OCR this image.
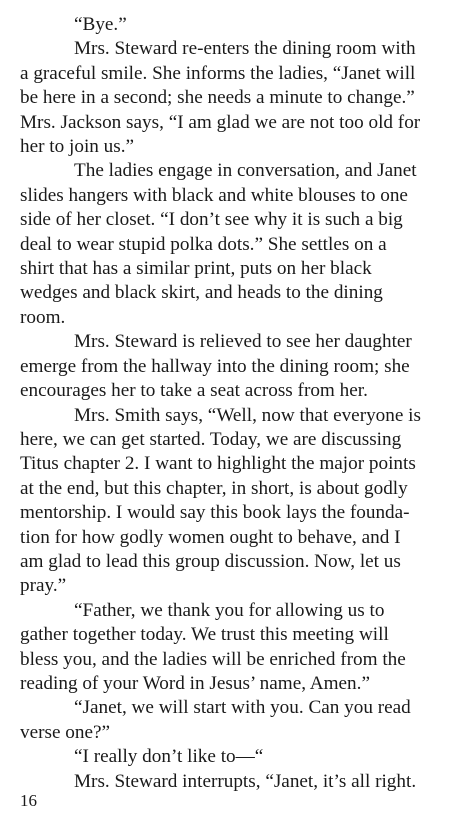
“Bye.”

Mrs. Steward re-enters the dining room with
a graceful smile. She informs the ladies, “Janet will
be here in a second; she needs a minute to change.”
Mrs. Jackson says, “I am glad we are not too old for
her to join us.”

The ladies engage in conversation, and Janet
slides hangers with black and white blouses to one
side of her closet. “I don’t see why it is such a big
deal to wear stupid polka dots.” She settles on a
shirt that has a similar print, puts on her black
wedges and black skirt, and heads to the dining
room.

Mrs. Steward is relieved to see her daughter
emerge from the hallway into the dining room; she
encourages her to take a seat across from her.

Mrs. Smith says, “Well, now that everyone is
here, we can get started. Today, we are discussing
Titus chapter 2. I want to highlight the major points
at the end, but this chapter, in short, is about godly
mentorship. I would say this book lays the founda-
tion for how godly women ought to behave, and I
am glad to lead this group discussion. Now, let us
pray.”

“Father, we thank you for allowing us to
gather together today. We trust this meeting will
bless you, and the ladies will be enriched from the
reading of your Word in Jesus’ name, Amen.”

“Janet, we will start with you. Can you read
verse one?”

“I really don’t like to—“

Mrs. Steward interrupts, “Janet, it’s all right.

16
